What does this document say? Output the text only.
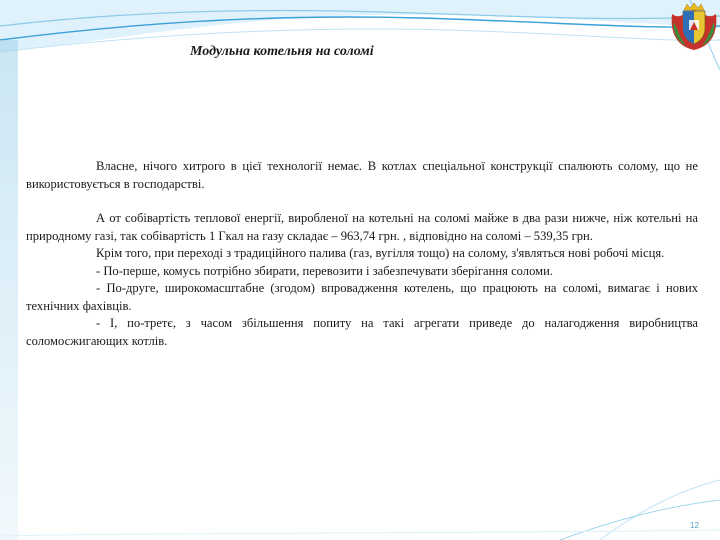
Модульна котельня на соломі

Власне, нічого хитрого в цієї технології немає. В котлах спеціальної конструкції спалюють солому, що не використовується в господарстві.

А от собівартість теплової енергії, виробленої на котельні на соломі майже в два рази нижче, ніж котельні на природному газі, так собівартість 1 Гкал на газу складає – 963,74 грн. , відповідно на соломі – 539,35 грн.

Крім того, при переході з традиційного палива (газ, вугілля тощо) на солому, з'являться нові робочі місця.

- По-перше, комусь потрібно збирати, перевозити і забезпечувати зберігання соломи.

- По-друге, широкомасштабне (згодом) впровадження котелень, що працюють на соломі, вимагає і нових технічних фахівців.

- І, по-третє, з часом збільшення попиту на такі агрегати приведе до налагодження виробництва соломосжигающих котлів.

12
